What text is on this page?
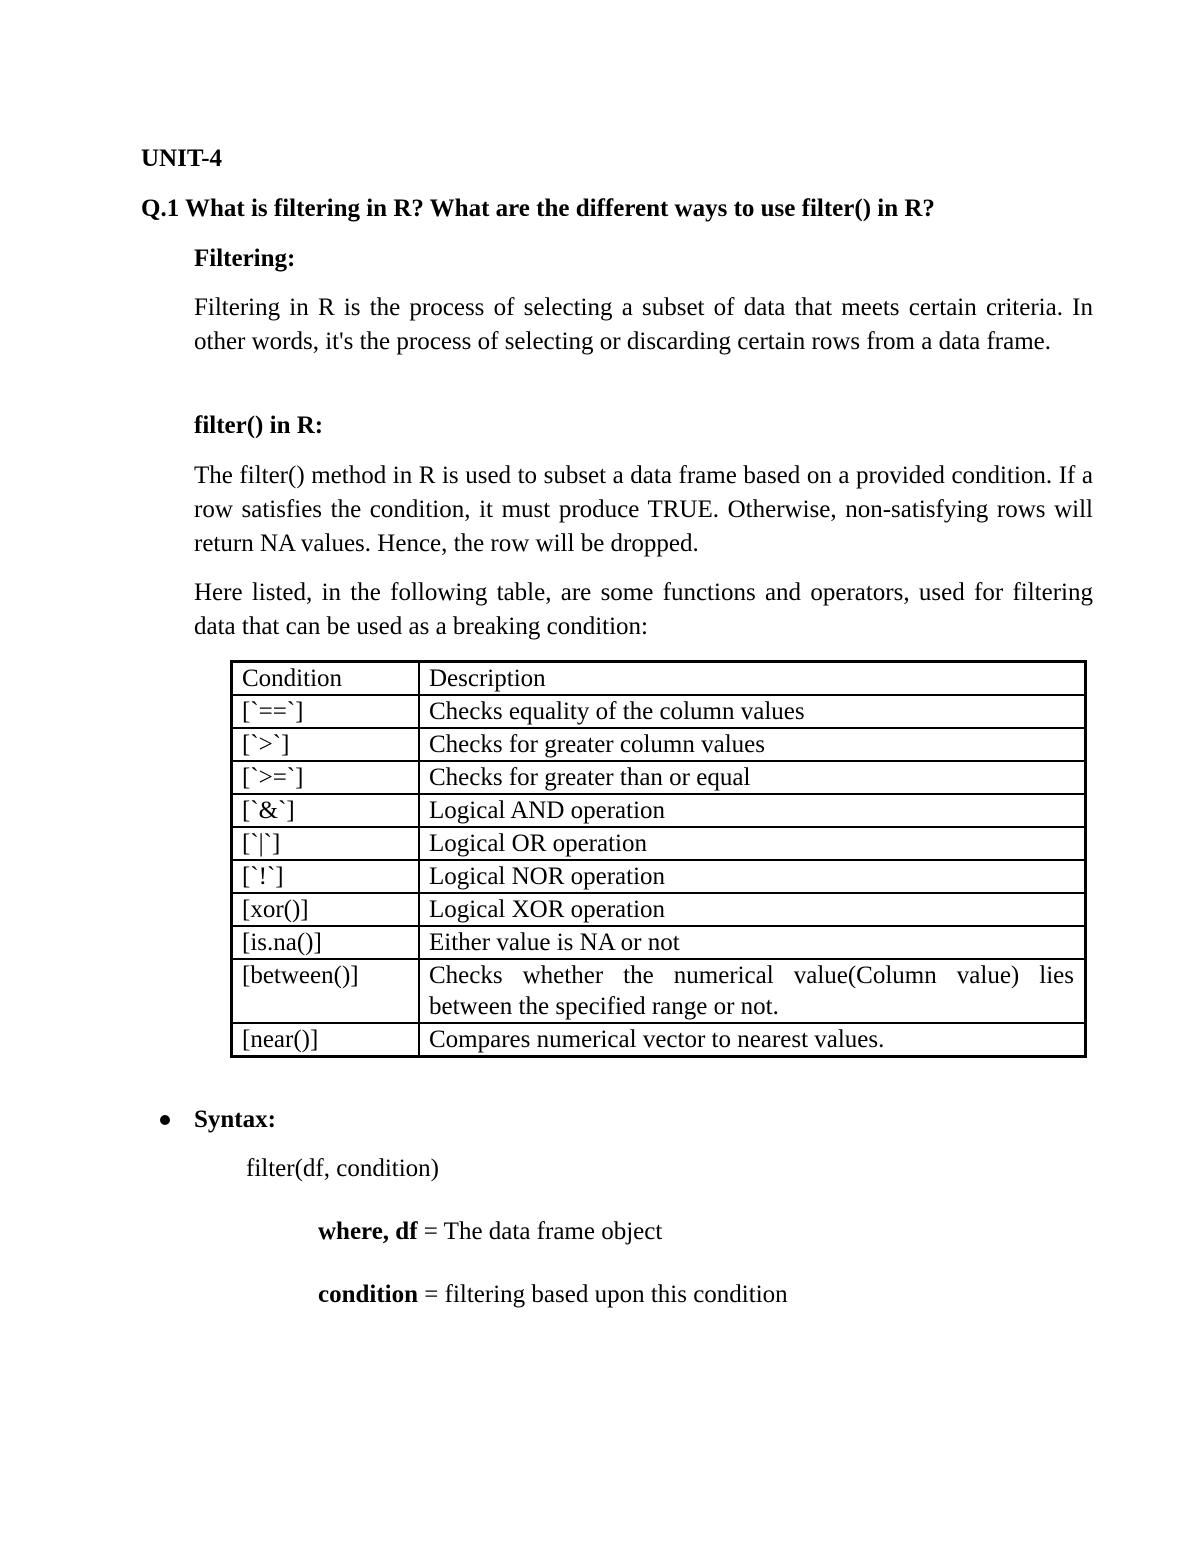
UNIT-4

Q.1 What is filtering in R? What are the different ways to use filter() in R?

Filtering:

Filtering in R is the process of selecting a subset of data that meets certain criteria. In other words, it's the process of selecting or discarding certain rows from a data frame.

filter() in R:

The filter() method in R is used to subset a data frame based on a provided condition. If a row satisfies the condition, it must produce TRUE. Otherwise, non-satisfying rows will return NA values. Hence, the row will be dropped.

Here listed, in the following table, are some functions and operators, used for filtering data that can be used as a breaking condition:

Condition	Description
[`==`]	Checks equality of the column values
[`>`]	Checks for greater column values
[`>=`]	Checks for greater than or equal
[`&`]	Logical AND operation
[`|`]	Logical OR operation
[`!`]	Logical NOR operation
[xor()]	Logical XOR operation
[is.na()]	Either value is NA or not
[between()]	Checks whether the numerical value(Column value) lies between the specified range or not.
[near()]	Compares numerical vector to nearest values.

Syntax:

filter(df, condition)

where, df = The data frame object

condition = filtering based upon this condition
